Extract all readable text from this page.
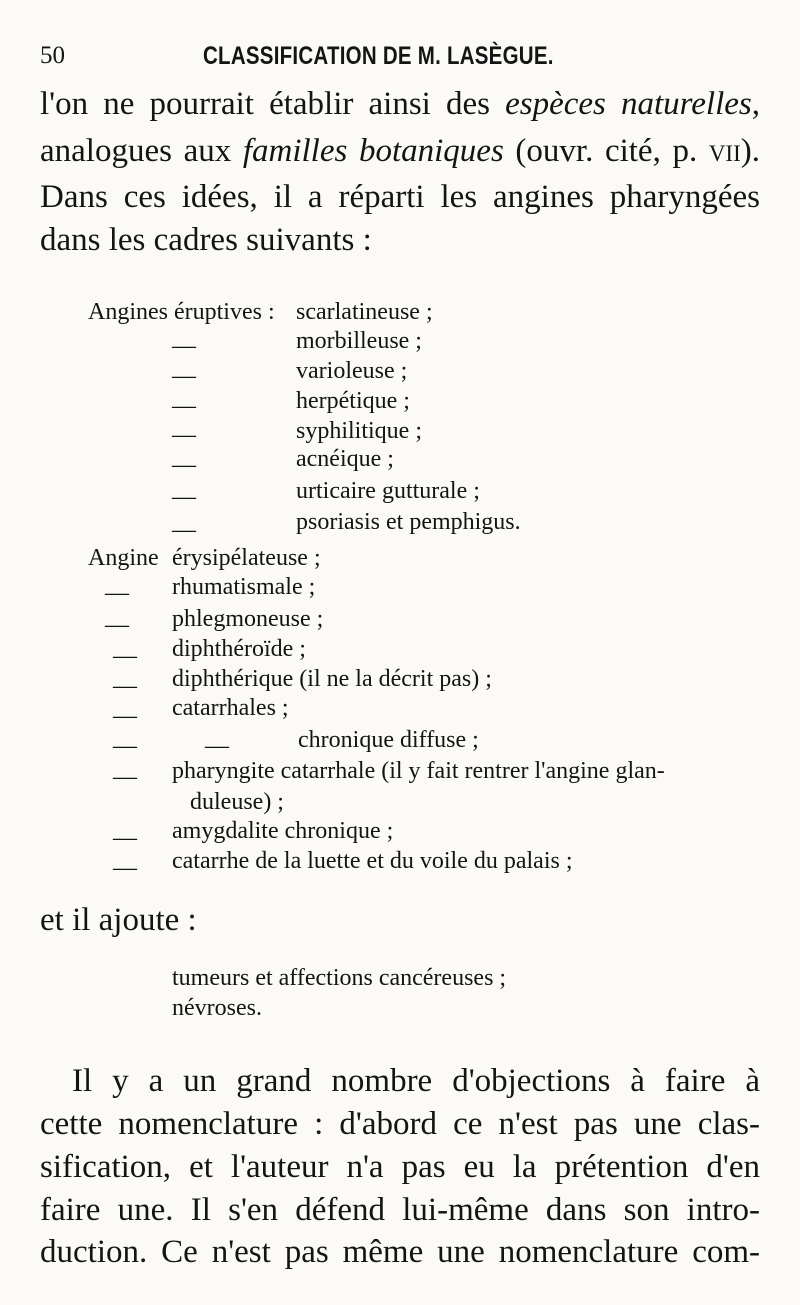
50	CLASSIFICATION DE M. LASÈGUE.
l'on ne pourrait établir ainsi des espèces naturelles,
analogues aux familles botaniques (ouvr. cité, p. vii).
Dans ces idées, il a réparti les angines pharyngées
dans les cadres suivants :
Angines éruptives : scarlatineuse ;
—	morbilleuse ;
—	varioleuse ;
—	herpétique ;
—	syphilitique ;
—	acnéique ;
—	urticaire gutturale ;
—	psoriasis et pemphigus.
Angine érysipélateuse ;
— rhumatismale ;
— phlegmoneuse ;
— diphthéroïde ;
— diphthérique (il ne la décrit pas) ;
— catarrhales ;
—	—	chronique diffuse ;
— pharyngite catarrhale (il y fait rentrer l'angine glan-
duleuse) ;
— amygdalite chronique ;
— catarrhe de la luette et du voile du palais ;
et il ajoute :
tumeurs et affections cancéreuses ;
névroses.
Il y a un grand nombre d'objections à faire à
cette nomenclature : d'abord ce n'est pas une clas-
sification, et l'auteur n'a pas eu la prétention d'en
faire une. Il s'en défend lui-même dans son intro-
duction. Ce n'est pas même une nomenclature com-
